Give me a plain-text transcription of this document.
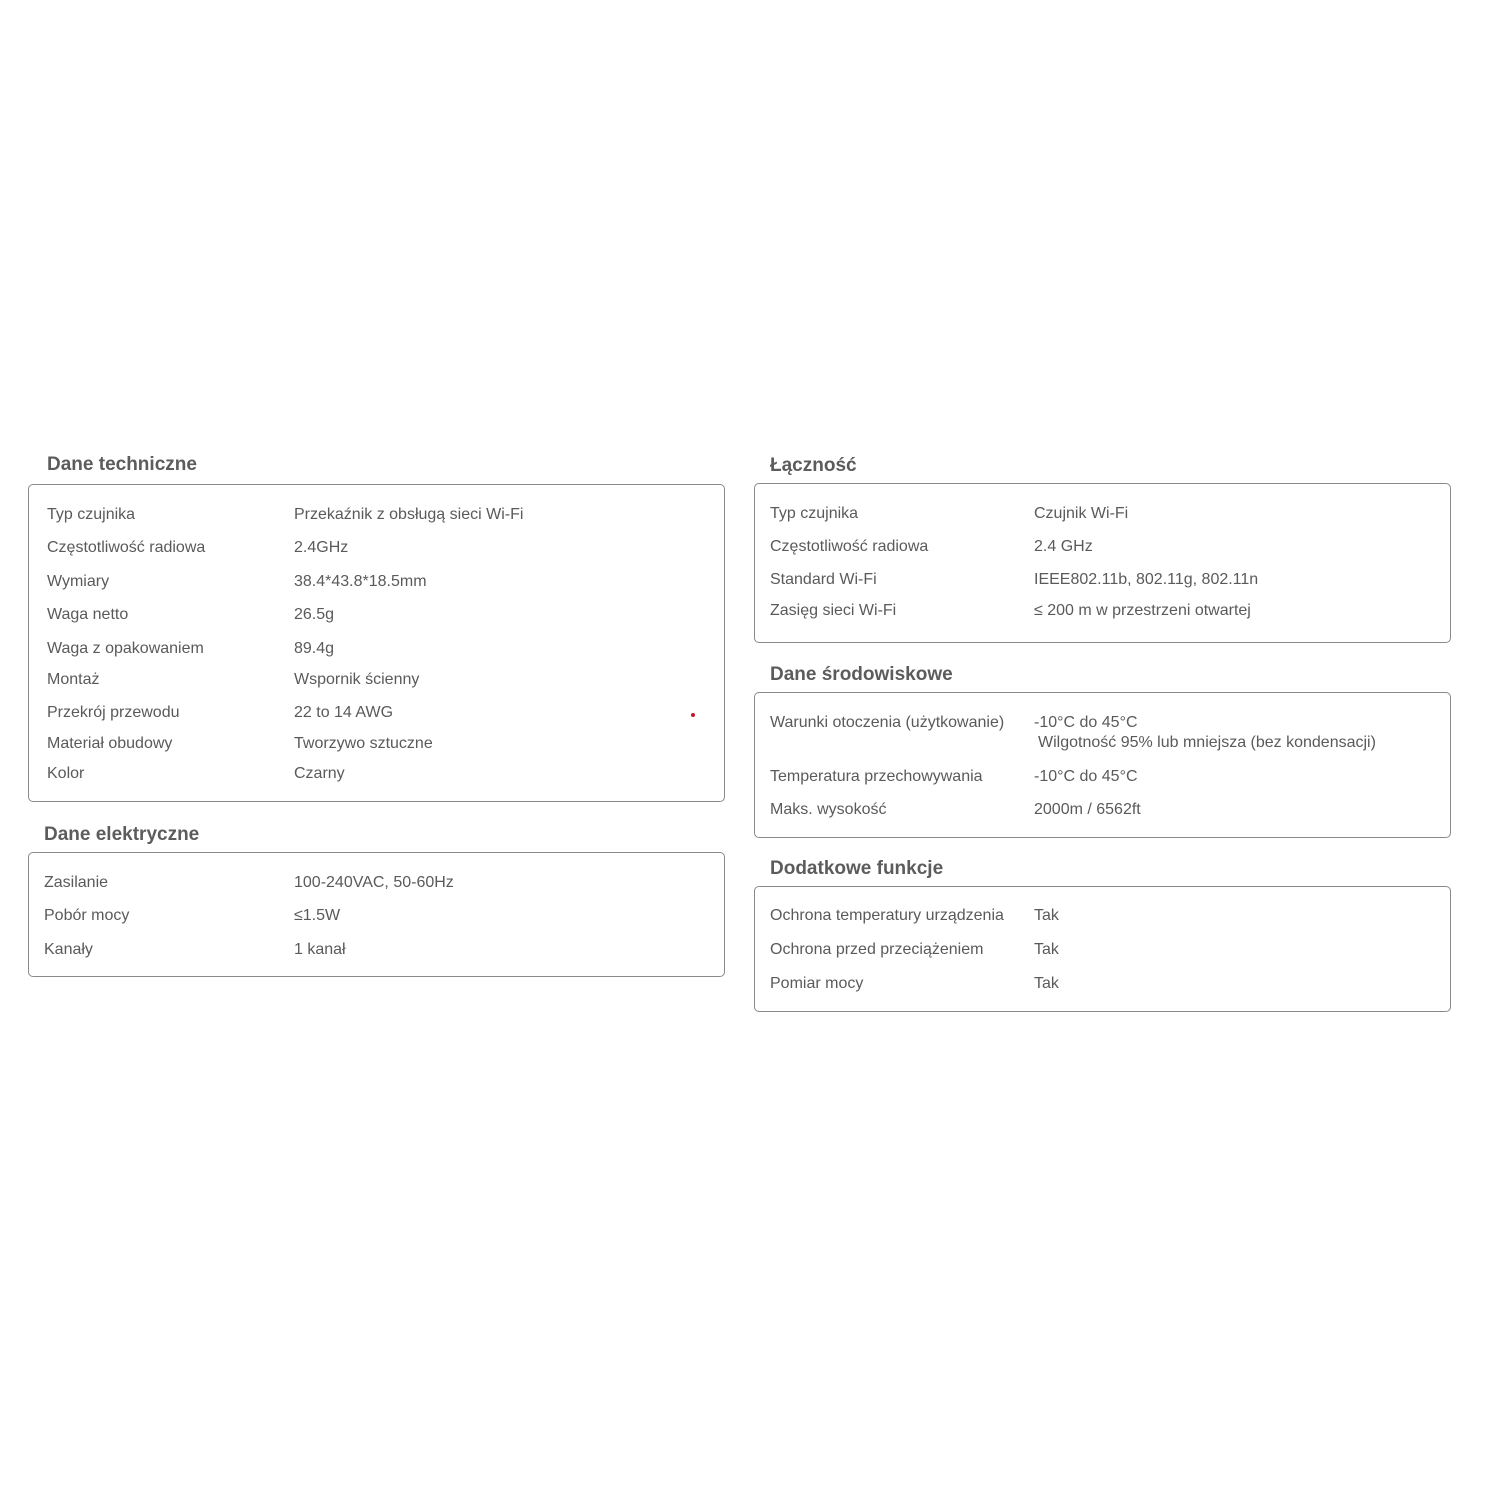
Dane techniczne
Typ czujnika	Przekaźnik z obsługą sieci Wi-Fi
Częstotliwość radiowa	2.4GHz
Wymiary	38.4*43.8*18.5mm
Waga netto	26.5g
Waga z opakowaniem	89.4g
Montaż	Wspornik ścienny
Przekrój przewodu	22 to 14 AWG
Materiał obudowy	Tworzywo sztuczne
Kolor	Czarny
Dane elektryczne
Zasilanie	100-240VAC, 50-60Hz
Pobór mocy	≤1.5W
Kanały	1 kanał
Łączność
Typ czujnika	Czujnik Wi-Fi
Częstotliwość radiowa	2.4 GHz
Standard Wi-Fi	IEEE802.11b, 802.11g, 802.11n
Zasięg sieci Wi-Fi	≤ 200 m w przestrzeni otwartej
Dane środowiskowe
Warunki otoczenia (użytkowanie) -10°C do 45°C
Wilgotność 95% lub mniejsza (bez kondensacji)
Temperatura przechowywania	-10°C do 45°C
Maks. wysokość	2000m / 6562ft
Dodatkowe funkcje
Ochrona temperatury urządzenia Tak
Ochrona przed przeciążeniem	Tak
Pomiar mocy	Tak
